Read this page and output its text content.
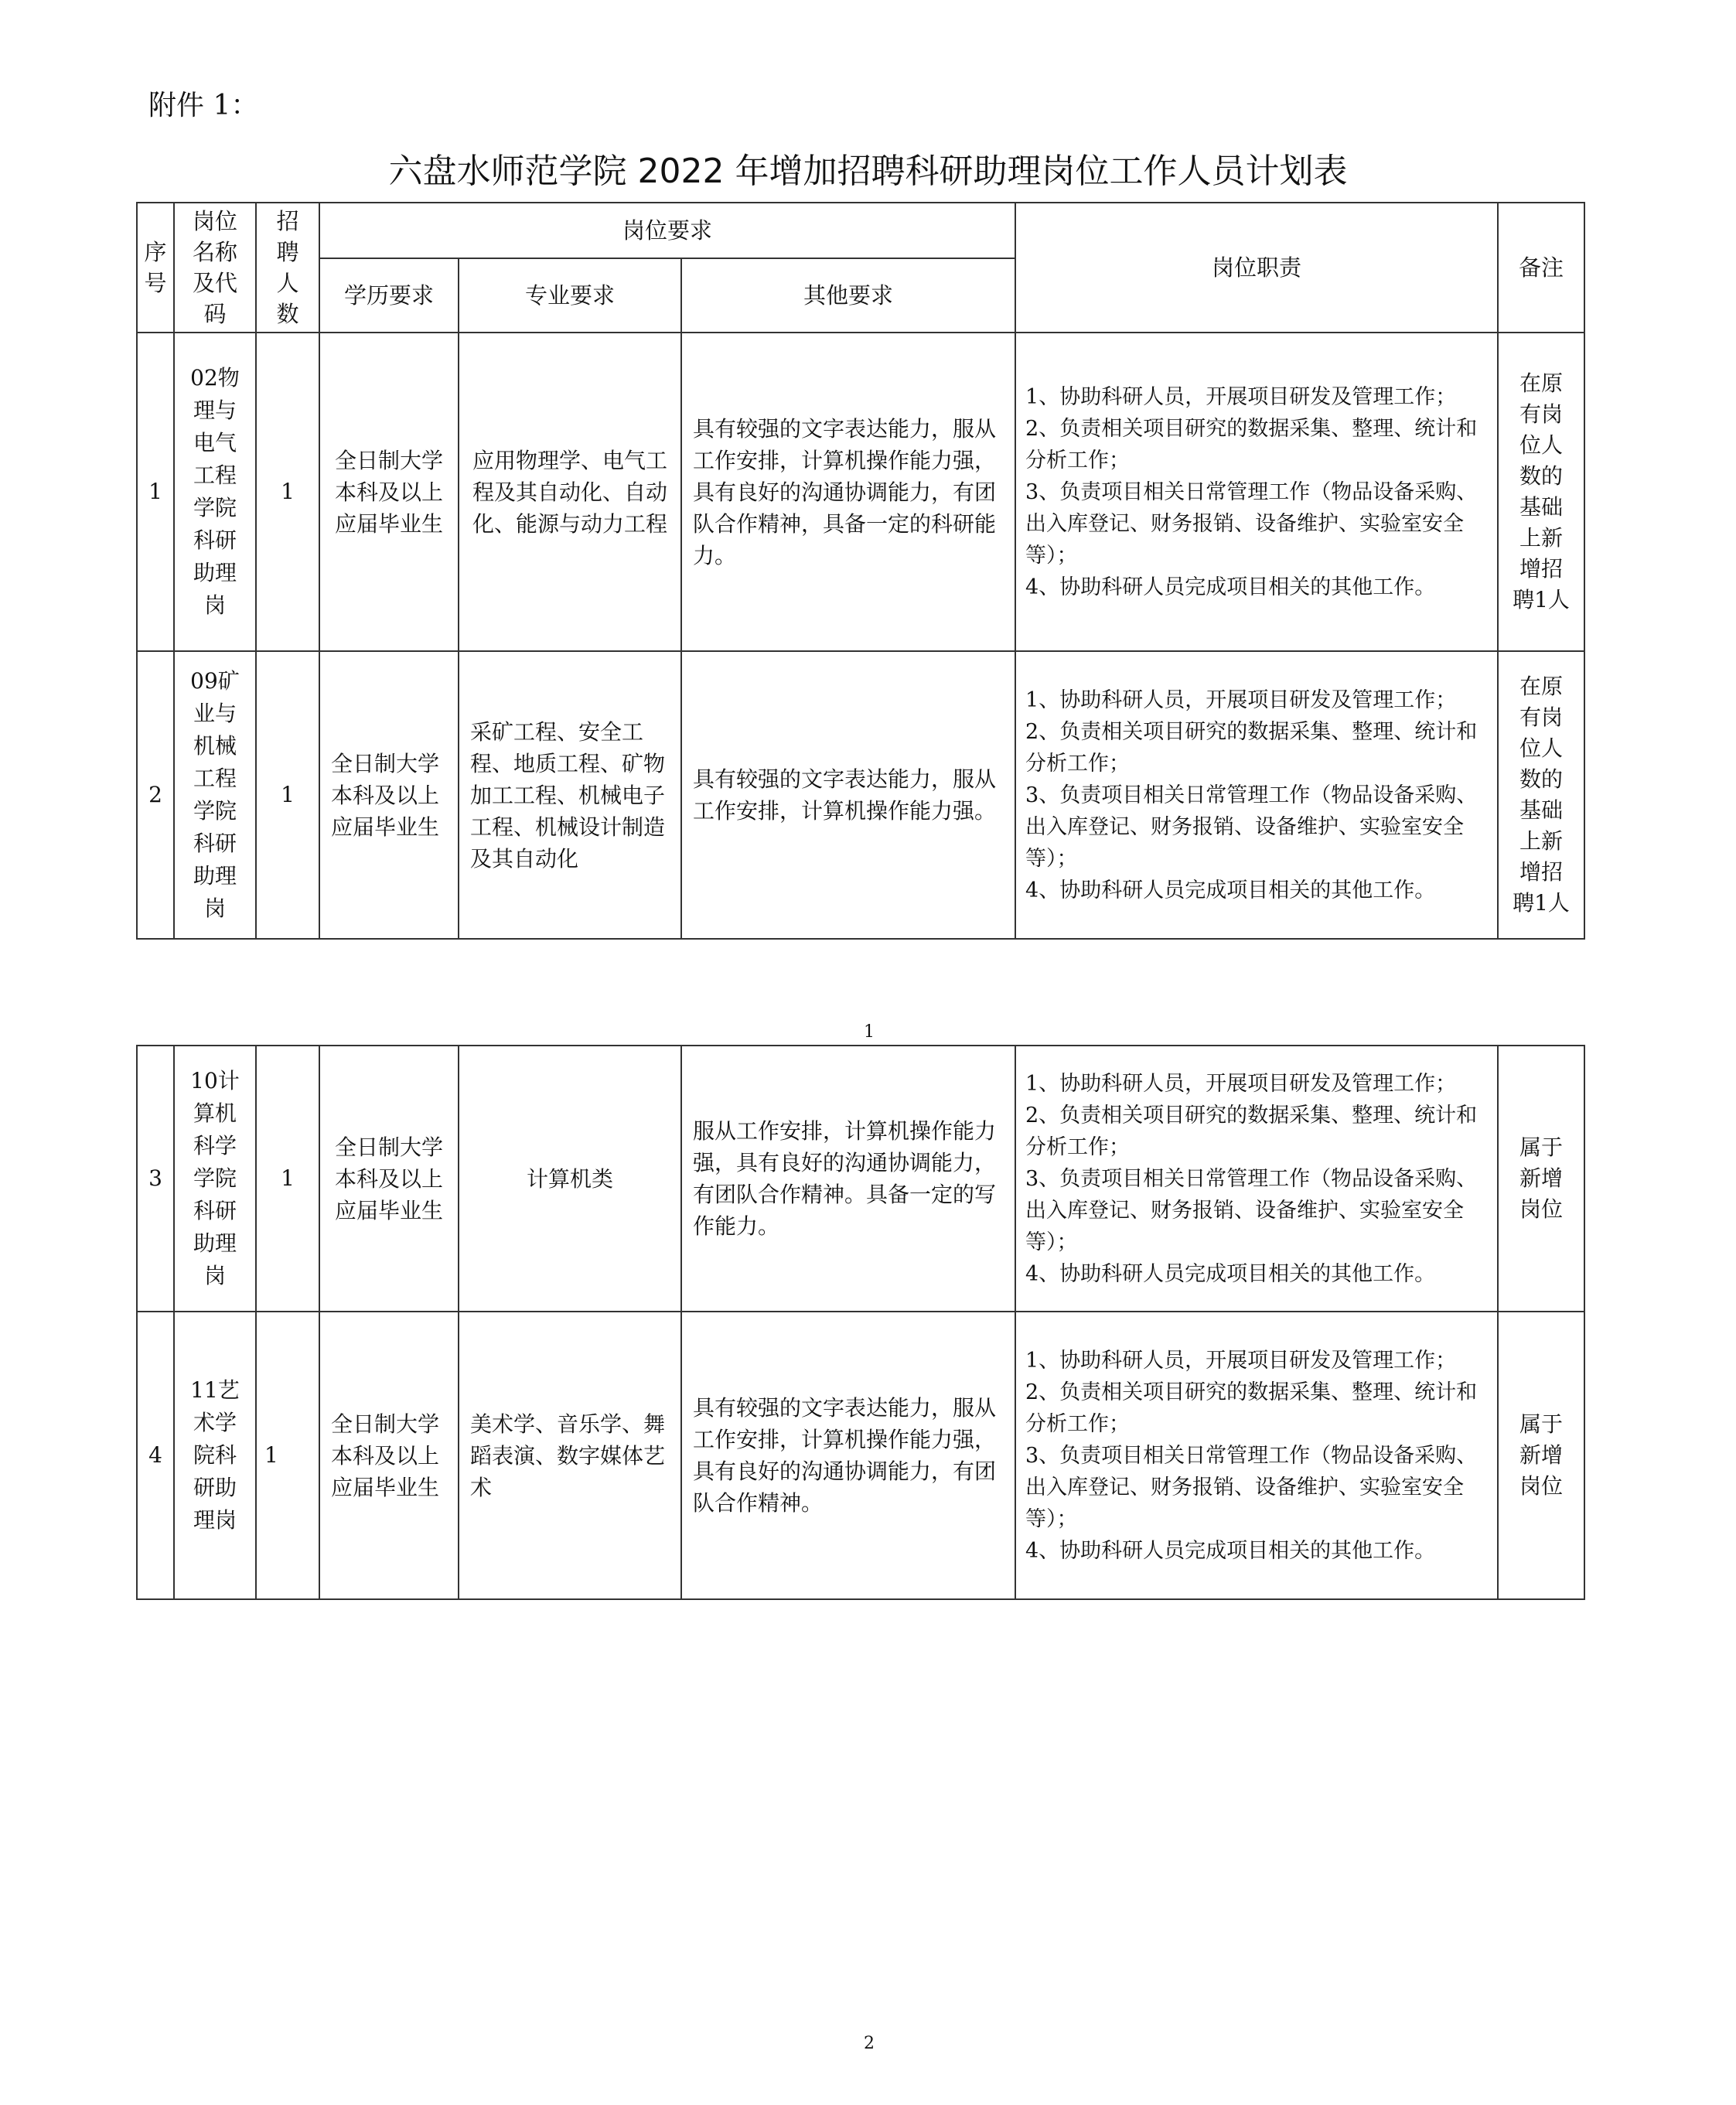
附件 1：
六盘水师范学院 2022 年增加招聘科研助理岗位工作人员计划表
序号	岗位名称及代码	招聘人数	岗位要求			岗位职责	备注
			学历要求	专业要求	其他要求		
1	02物理与电气工程学院科研助理岗	1	全日制大学本科及以上应届毕业生	应用物理学、电气工程及其自动化、自动化、能源与动力工程	具有较强的文字表达能力，服从工作安排，计算机操作能力强，具有良好的沟通协调能力，有团队合作精神，具备一定的科研能力。	1、协助科研人员，开展项目研发及管理工作；
2、负责相关项目研究的数据采集、整理、统计和分析工作；
3、负责项目相关日常管理工作（物品设备采购、出入库登记、财务报销、设备维护、实验室安全等）；
4、协助科研人员完成项目相关的其他工作。	在原有岗位人数的基础上新增招聘1人
2	09矿业与机械工程学院科研助理岗	1	全日制大学本科及以上应届毕业生	采矿工程、安全工程、地质工程、矿物加工工程、机械电子工程、机械设计制造及其自动化	具有较强的文字表达能力，服从工作安排，计算机操作能力强。	1、协助科研人员，开展项目研发及管理工作；
2、负责相关项目研究的数据采集、整理、统计和分析工作；
3、负责项目相关日常管理工作（物品设备采购、出入库登记、财务报销、设备维护、实验室安全等）；
4、协助科研人员完成项目相关的其他工作。	在原有岗位人数的基础上新增招聘1人
1
3	10计算机科学学院科研助理岗	1	全日制大学本科及以上应届毕业生	计算机类	服从工作安排，计算机操作能力强，具有良好的沟通协调能力，有团队合作精神。具备一定的写作能力。	1、协助科研人员，开展项目研发及管理工作；
2、负责相关项目研究的数据采集、整理、统计和分析工作；
3、负责项目相关日常管理工作（物品设备采购、出入库登记、财务报销、设备维护、实验室安全等）；
4、协助科研人员完成项目相关的其他工作。	属于新增岗位
4	11艺术学院科研助理岗	1	全日制大学本科及以上应届毕业生	美术学、音乐学、舞蹈表演、数字媒体艺术	具有较强的文字表达能力，服从工作安排，计算机操作能力强，具有良好的沟通协调能力，有团队合作精神。	1、协助科研人员，开展项目研发及管理工作；
2、负责相关项目研究的数据采集、整理、统计和分析工作；
3、负责项目相关日常管理工作（物品设备采购、出入库登记、财务报销、设备维护、实验室安全等）；
4、协助科研人员完成项目相关的其他工作。	属于新增岗位
2
